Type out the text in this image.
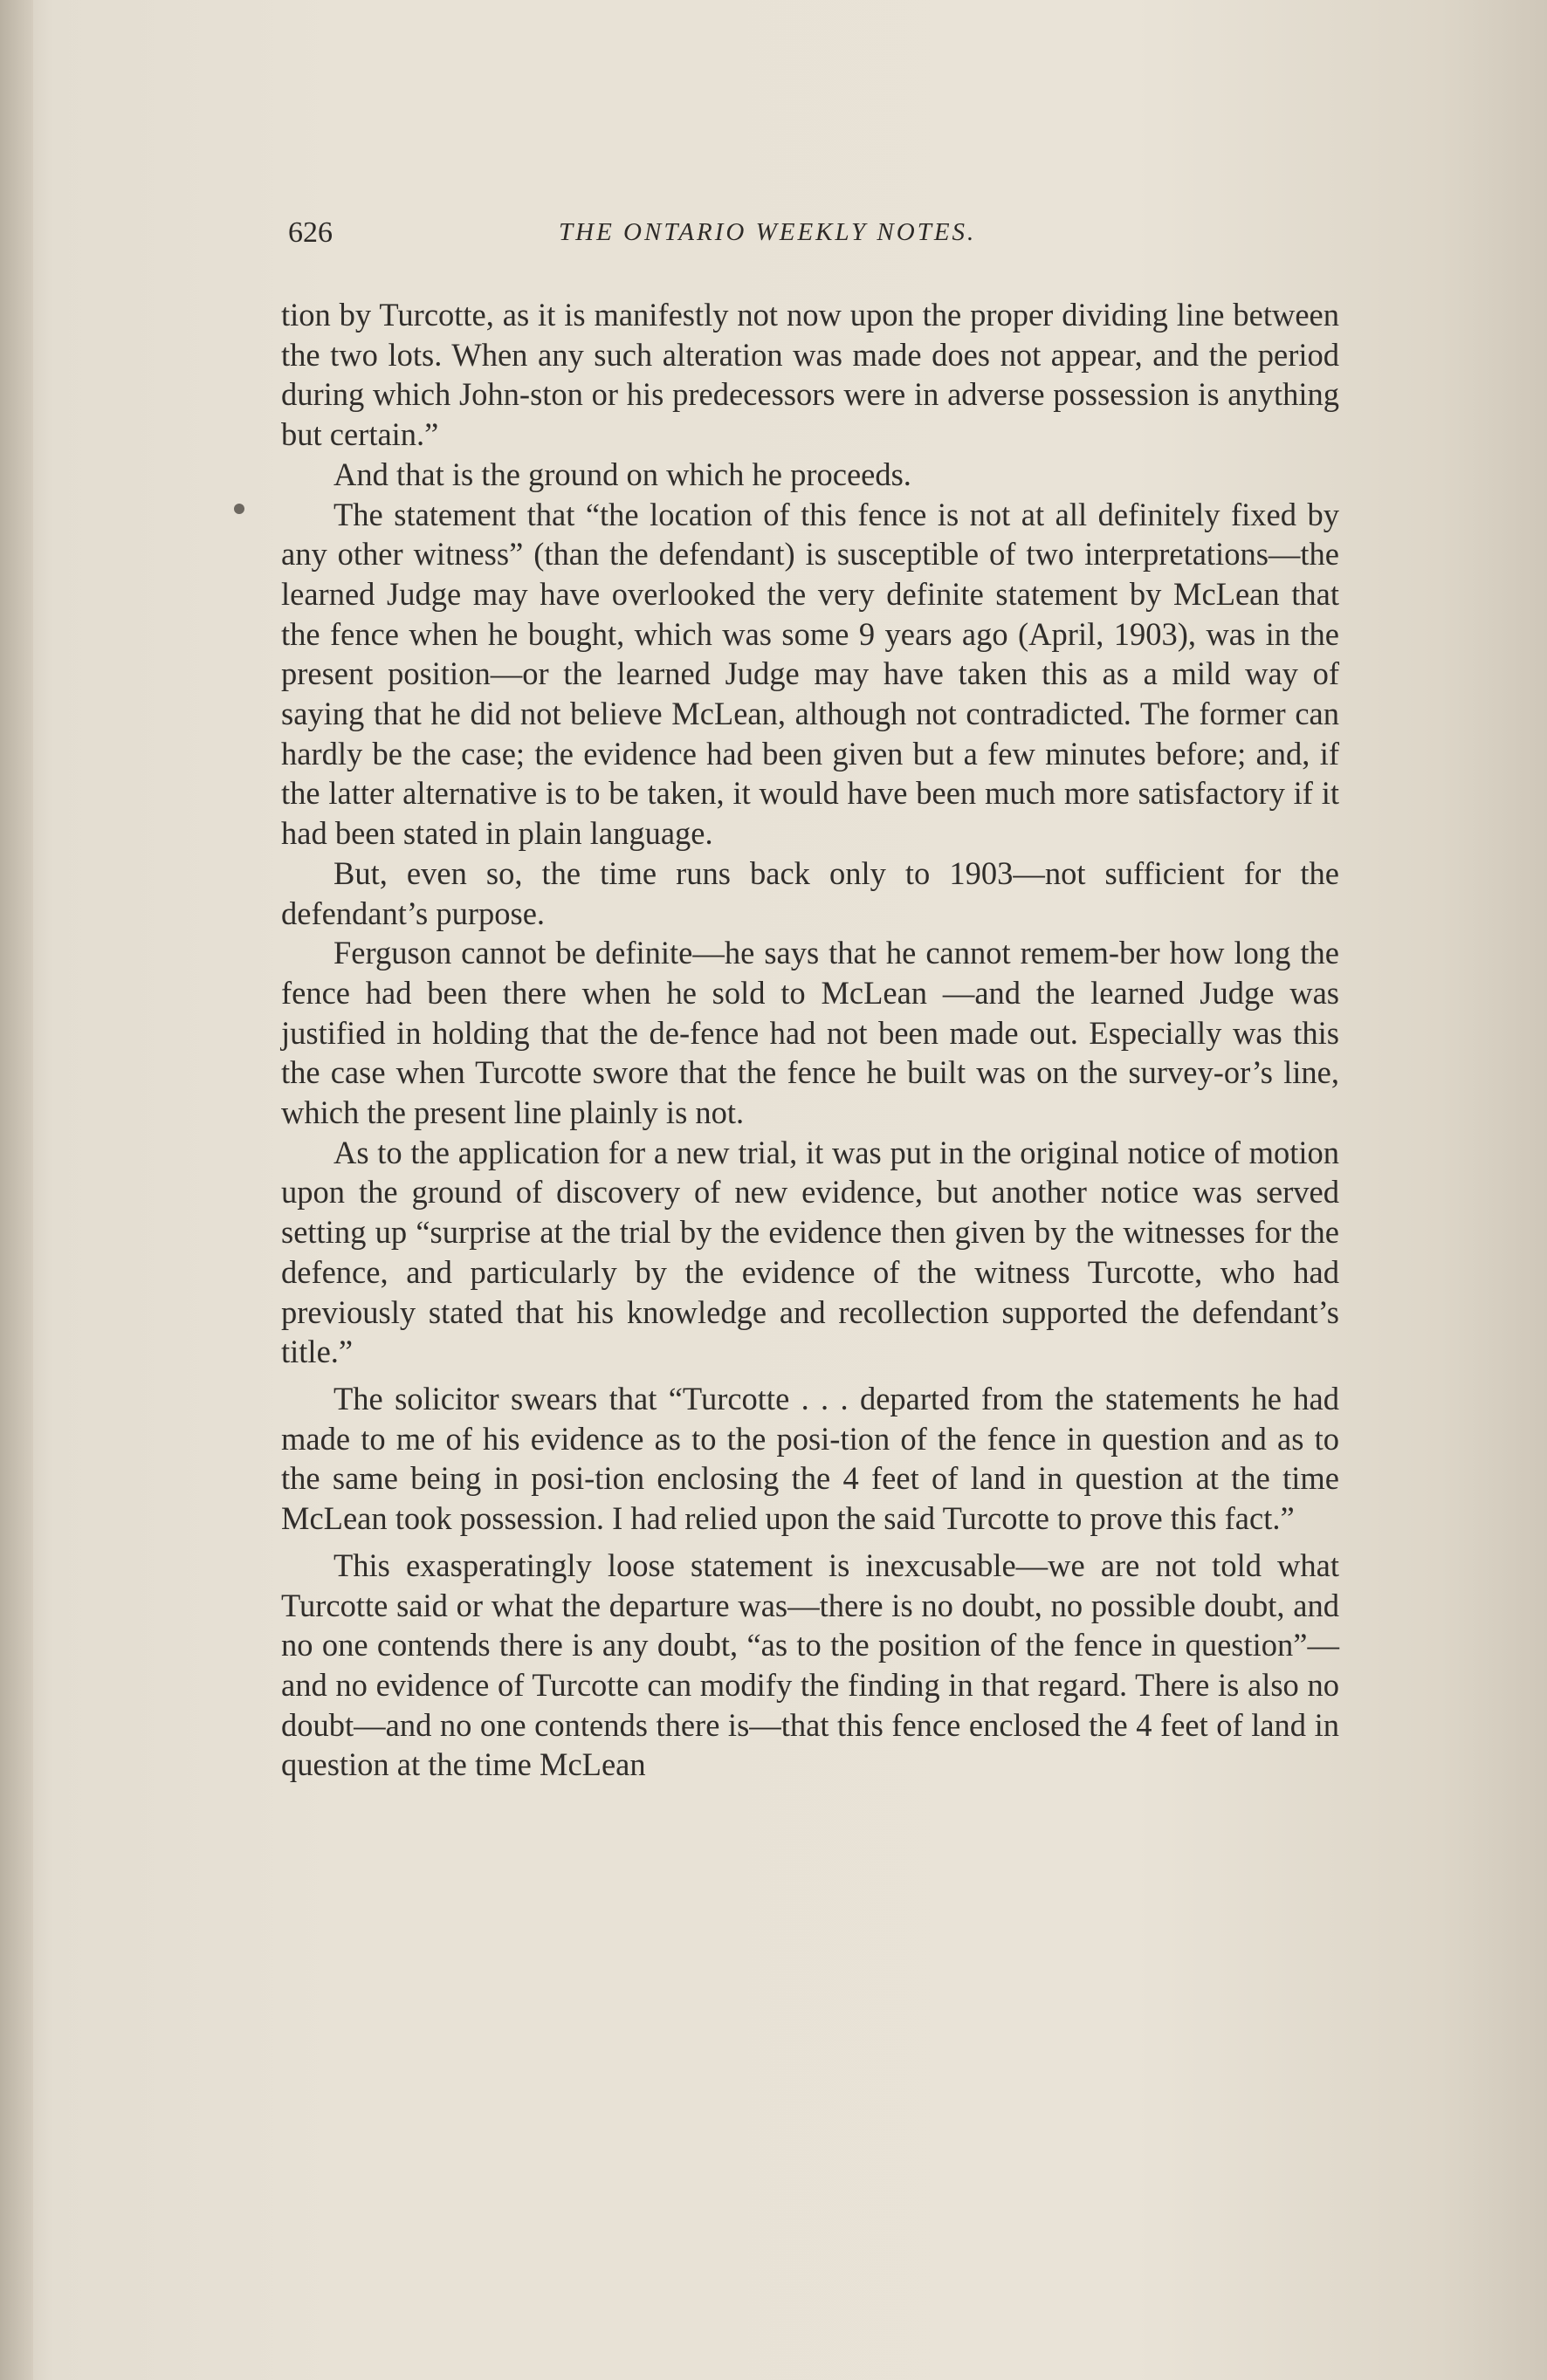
626	THE ONTARIO WEEKLY NOTES.

tion by Turcotte, as it is manifestly not now upon the proper dividing line between the two lots. When any such alteration was made does not appear, and the period during which John-ston or his predecessors were in adverse possession is anything but certain.”

And that is the ground on which he proceeds.

The statement that “the location of this fence is not at all definitely fixed by any other witness” (than the defendant) is susceptible of two interpretations—the learned Judge may have overlooked the very definite statement by McLean that the fence when he bought, which was some 9 years ago (April, 1903), was in the present position—or the learned Judge may have taken this as a mild way of saying that he did not believe McLean, although not contradicted. The former can hardly be the case; the evidence had been given but a few minutes before; and, if the latter alternative is to be taken, it would have been much more satisfactory if it had been stated in plain language.

But, even so, the time runs back only to 1903—not sufficient for the defendant’s purpose.

Ferguson cannot be definite—he says that he cannot remem-ber how long the fence had been there when he sold to McLean —and the learned Judge was justified in holding that the de-fence had not been made out. Especially was this the case when Turcotte swore that the fence he built was on the survey-or’s line, which the present line plainly is not.

As to the application for a new trial, it was put in the original notice of motion upon the ground of discovery of new evidence, but another notice was served setting up “surprise at the trial by the evidence then given by the witnesses for the defence, and particularly by the evidence of the witness Turcotte, who had previously stated that his knowledge and recollection supported the defendant’s title.”

The solicitor swears that “Turcotte . . . departed from the statements he had made to me of his evidence as to the posi-tion of the fence in question and as to the same being in posi-tion enclosing the 4 feet of land in question at the time McLean took possession. I had relied upon the said Turcotte to prove this fact.”

This exasperatingly loose statement is inexcusable—we are not told what Turcotte said or what the departure was—there is no doubt, no possible doubt, and no one contends there is any doubt, “as to the position of the fence in question”—and no evidence of Turcotte can modify the finding in that regard. There is also no doubt—and no one contends there is—that this fence enclosed the 4 feet of land in question at the time McLean
